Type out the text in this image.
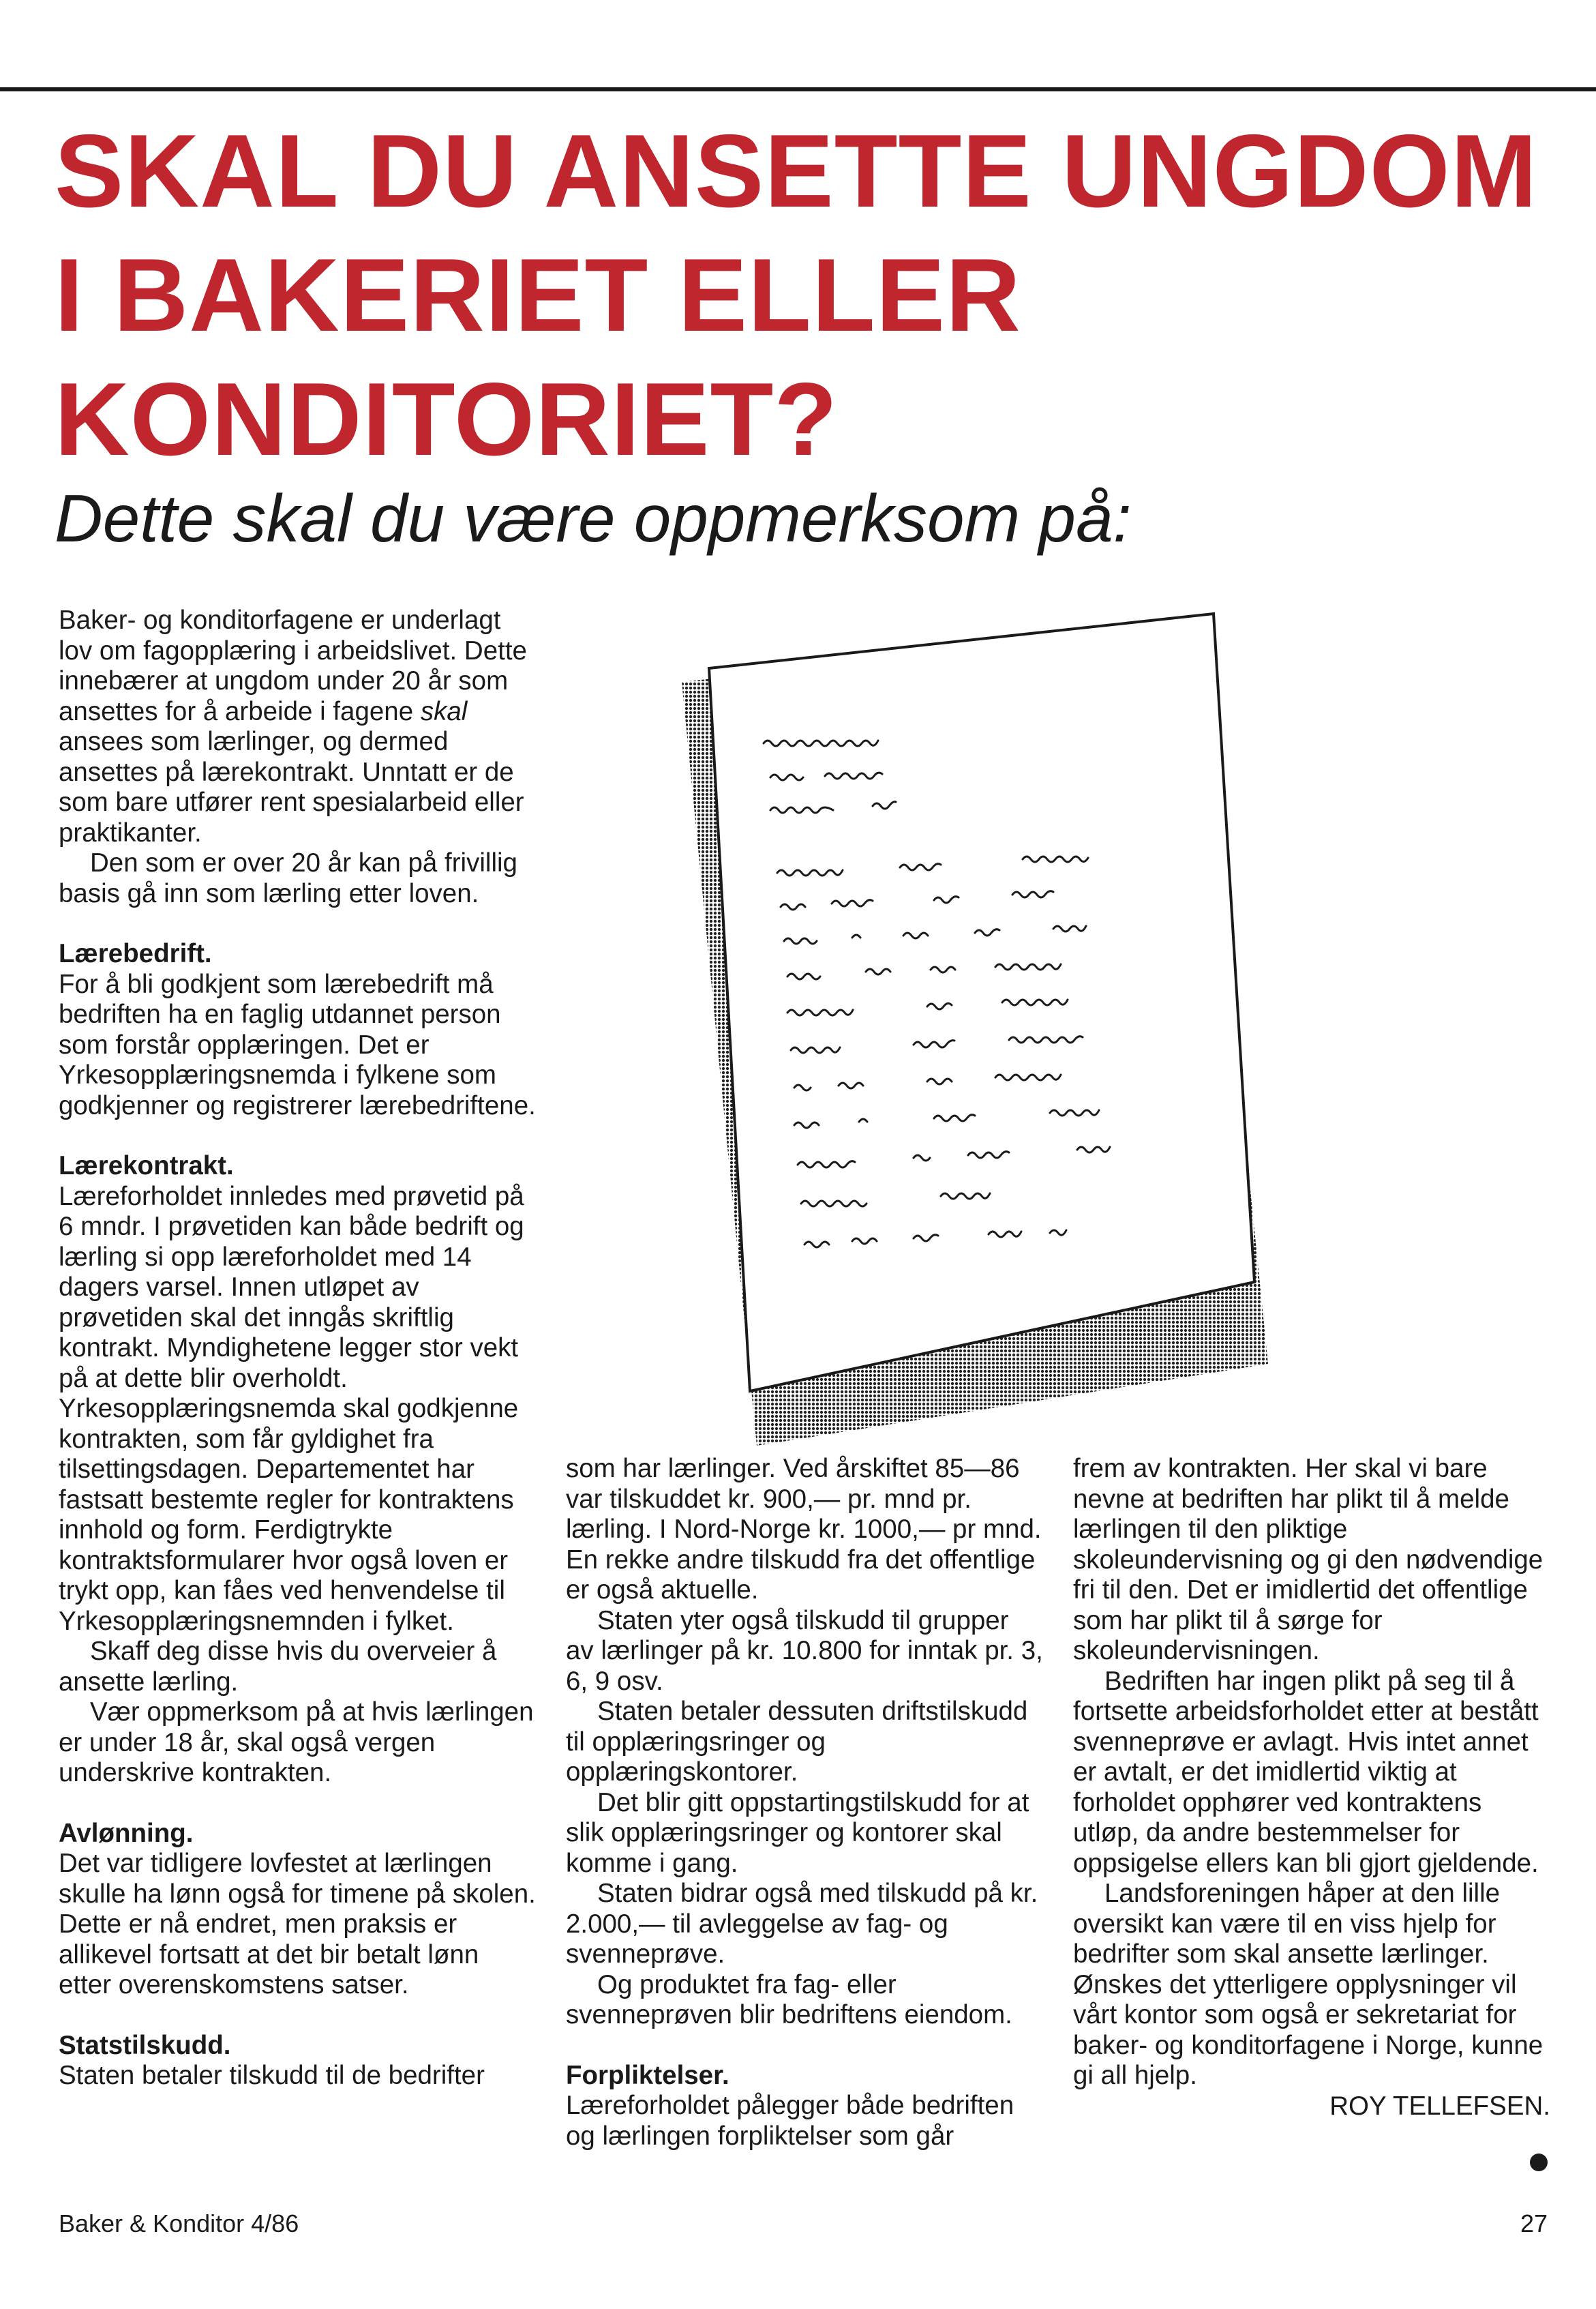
SKAL DU ANSETTE UNGDOM
I BAKERIET ELLER
KONDITORIET?
Dette skal du være oppmerksom på:

Baker- og konditorfagene er underlagt lov om fagopplæring i arbeidslivet. Dette innebærer at ungdom under 20 år som ansettes for å arbeide i fagene skal ansees som lærlinger, og dermed ansettes på lærekontrakt. Unntatt er de som bare utfører rent spesialarbeid eller praktikanter.

Den som er over 20 år kan på frivillig basis gå inn som lærling etter loven.

Lærebedrift.

For å bli godkjent som lærebedrift må bedriften ha en faglig utdannet person som forstår opplæringen. Det er Yrkesopplæringsnemda i fylkene som godkjenner og registrerer lærebedriftene.

Lærekontrakt.

Læreforholdet innledes med prøvetid på 6 mndr. I prøvetiden kan både bedrift og lærling si opp læreforholdet med 14 dagers varsel. Innen utløpet av prøvetiden skal det inngås skriftlig kontrakt. Myndighetene legger stor vekt på at dette blir overholdt. Yrkesopplæringsnemda skal godkjenne kontrakten, som får gyldighet fra tilsettingsdagen. Departementet har fastsatt bestemte regler for kontraktens innhold og form. Ferdigtrykte kontraktsformularer hvor også loven er trykt opp, kan fåes ved henvendelse til Yrkesopplæringsnemnden i fylket.

Skaff deg disse hvis du overveier å ansette lærling.

Vær oppmerksom på at hvis lærlingen er under 18 år, skal også vergen underskrive kontrakten.

Avlønning.

Det var tidligere lovfestet at lærlingen skulle ha lønn også for timene på skolen. Dette er nå endret, men praksis er allikevel fortsatt at det bir betalt lønn etter overenskomstens satser.

Statstilskudd.

Staten betaler tilskudd til de bedrifter

som har lærlinger. Ved årskiftet 85—86 var tilskuddet kr. 900,— pr. mnd pr. lærling. I Nord-Norge kr. 1000,— pr mnd. En rekke andre tilskudd fra det offentlige er også aktuelle.

Staten yter også tilskudd til grupper av lærlinger på kr. 10.800 for inntak pr. 3, 6, 9 osv.

Staten betaler dessuten driftstilskudd til opplæringsringer og opplæringskontorer.

Det blir gitt oppstartingstilskudd for at slik opplæringsringer og kontorer skal komme i gang.

Staten bidrar også med tilskudd på kr. 2.000,— til avleggelse av fag- og svenneprøve.

Og produktet fra fag- eller svenneprøven blir bedriftens eiendom.

Forpliktelser.

Læreforholdet pålegger både bedriften og lærlingen forpliktelser som går

frem av kontrakten. Her skal vi bare nevne at bedriften har plikt til å melde lærlingen til den pliktige skoleundervisning og gi den nødvendige fri til den. Det er imidlertid det offentlige som har plikt til å sørge for skoleundervisningen.

Bedriften har ingen plikt på seg til å fortsette arbeidsforholdet etter at bestått svenneprøve er avlagt. Hvis intet annet er avtalt, er det imidlertid viktig at forholdet opphører ved kontraktens utløp, da andre bestemmelser for oppsigelse ellers kan bli gjort gjeldende.

Landsforeningen håper at den lille oversikt kan være til en viss hjelp for bedrifter som skal ansette lærlinger. Ønskes det ytterligere opplysninger vil vårt kontor som også er sekretariat for baker- og konditorfagene i Norge, kunne gi all hjelp.

ROY TELLEFSEN.

Baker & Konditor 4/86	27
